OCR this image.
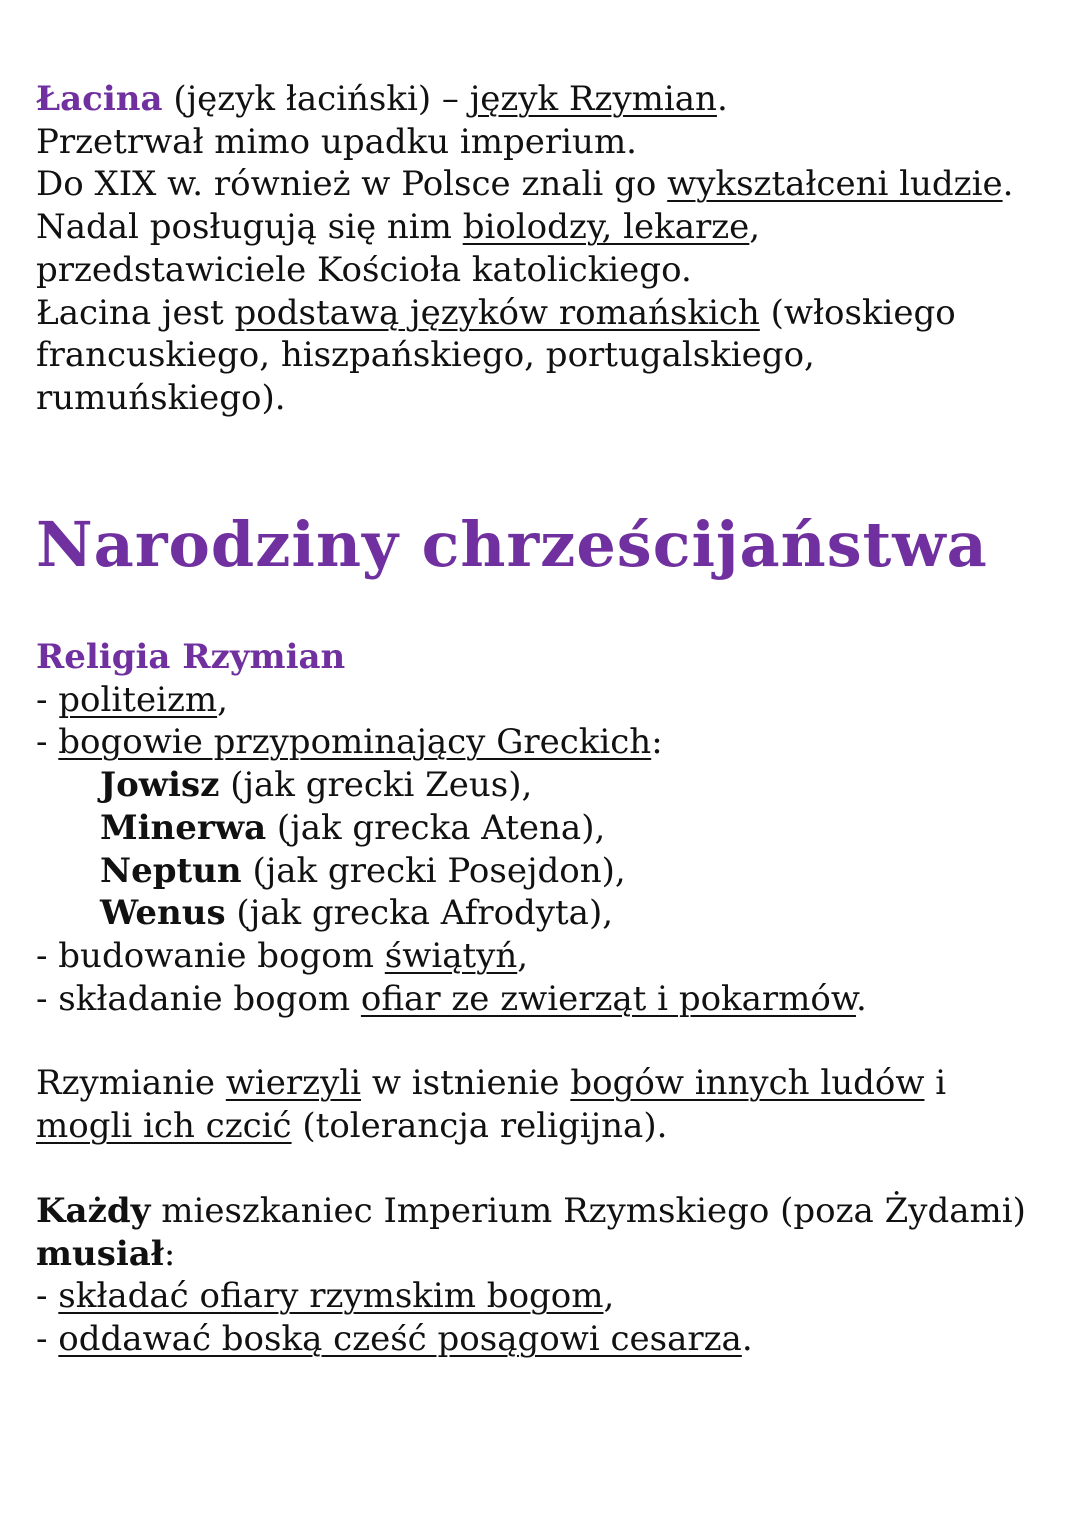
Łacina (język łaciński) – język Rzymian.

Przetrwał mimo upadku imperium.

Do XIX w. również w Polsce znali go wykształceni ludzie.

Nadal posługują się nim biolodzy, lekarze,

przedstawiciele Kościoła katolickiego.

Łacina jest podstawą języków romańskich (włoskiego

francuskiego, hiszpańskiego, portugalskiego,

rumuńskiego).

Narodziny chrześcijaństwa

Religia Rzymian

- politeizm,

- bogowie przypominający Greckich:

Jowisz (jak grecki Zeus),

Minerwa (jak grecka Atena),

Neptun (jak grecki Posejdon),

Wenus (jak grecka Afrodyta),

- budowanie bogom świątyń,

- składanie bogom ofiar ze zwierząt i pokarmów.

Rzymianie wierzyli w istnienie bogów innych ludów i

mogli ich czcić (tolerancja religijna).

Każdy mieszkaniec Imperium Rzymskiego (poza Żydami)

musiał:

- składać ofiary rzymskim bogom,

- oddawać boską cześć posągowi cesarza.
